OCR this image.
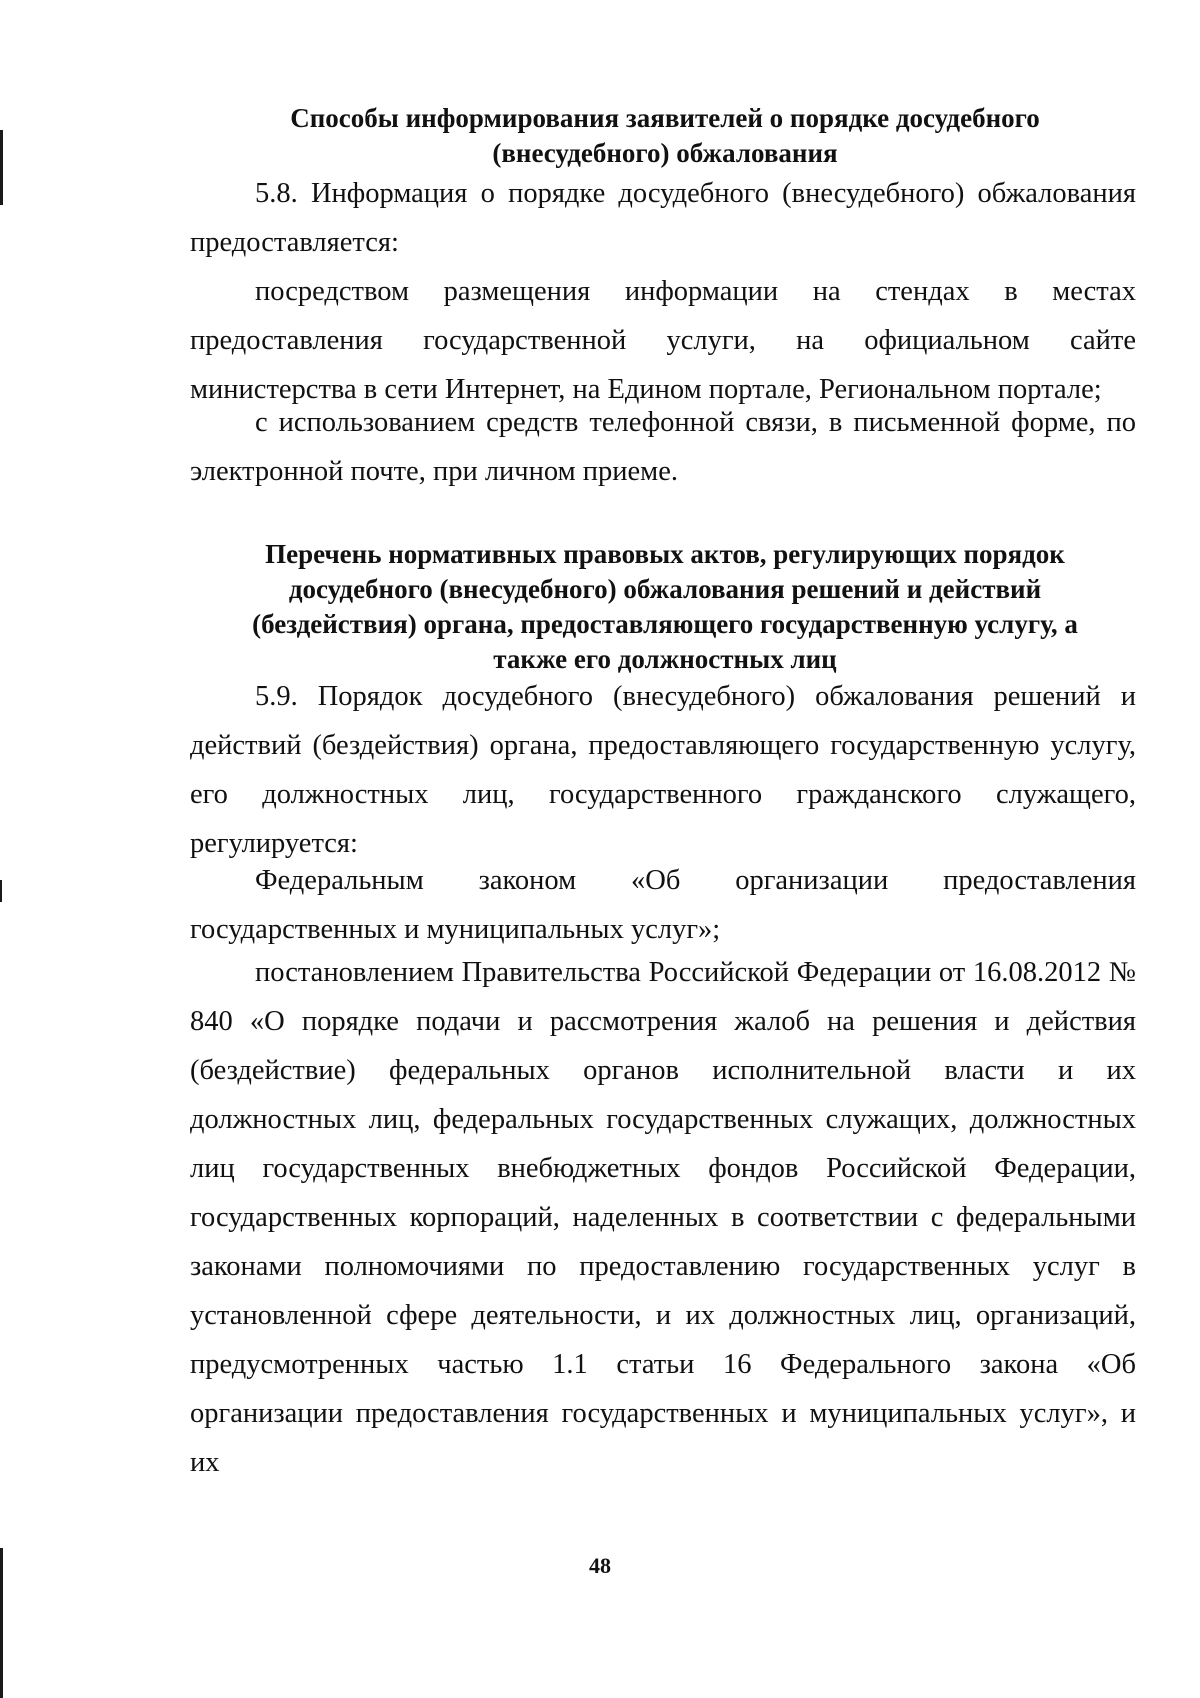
Способы информирования заявителей о порядке досудебного
(внесудебного) обжалования

5.8. Информация о порядке досудебного (внесудебного) обжалования предоставляется:

посредством размещения информации на стендах в местах предоставления государственной услуги, на официальном сайте министерства в сети Интернет, на Едином портале, Региональном портале;

с использованием средств телефонной связи, в письменной форме, по электронной почте, при личном приеме.

Перечень нормативных правовых актов, регулирующих порядок
досудебного (внесудебного) обжалования решений и действий
(бездействия) органа, предоставляющего государственную услугу, а
также его должностных лиц

5.9. Порядок досудебного (внесудебного) обжалования решений и действий (бездействия) органа, предоставляющего государственную услугу, его должностных лиц, государственного гражданского служащего, регулируется:

Федеральным законом «Об организации предоставления государственных и муниципальных услуг»;

постановлением Правительства Российской Федерации от 16.08.2012 № 840 «О порядке подачи и рассмотрения жалоб на решения и действия (бездействие) федеральных органов исполнительной власти и их должностных лиц, федеральных государственных служащих, должностных лиц государственных внебюджетных фондов Российской Федерации, государственных корпораций, наделенных в соответствии с федеральными законами полномочиями по предоставлению государственных услуг в установленной сфере деятельности, и их должностных лиц, организаций, предусмотренных частью 1.1 статьи 16 Федерального закона «Об организации предоставления государственных и муниципальных услуг», и их

48
